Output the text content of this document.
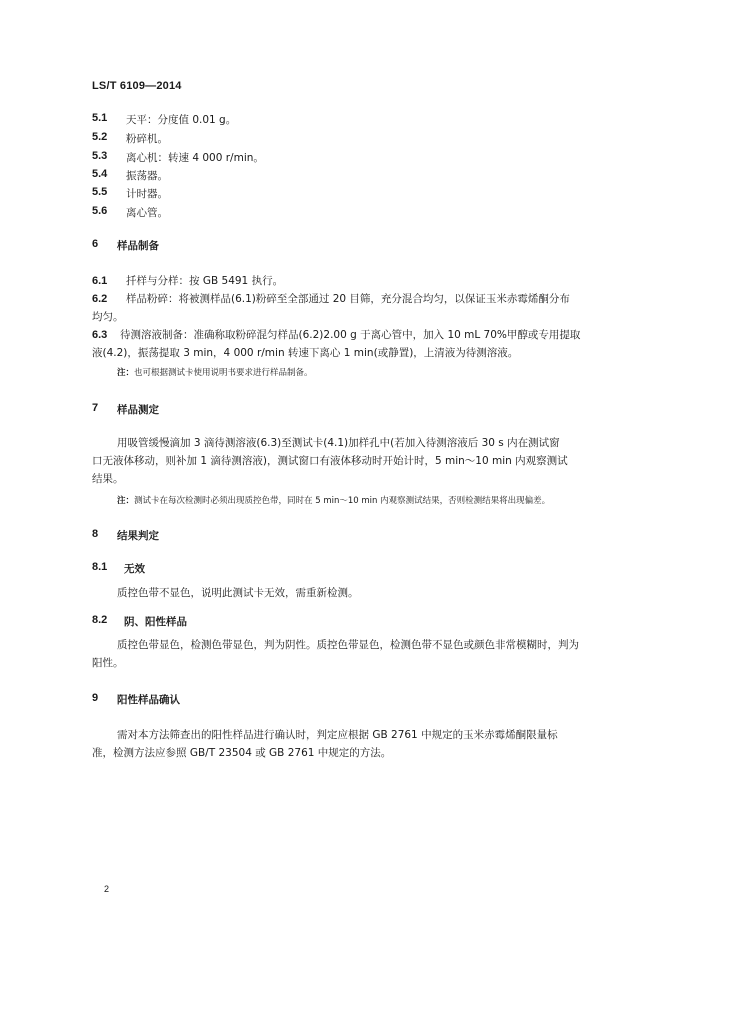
LS/T 6109—2014
5.1 天平：分度值 0.01 g。
5.2 粉碎机。
5.3 离心机：转速 4 000 r/min。
5.4 振荡器。
5.5 计时器。
5.6 离心管。
6 样品制备
6.1 扦样与分样：按 GB 5491 执行。
6.2 样品粉碎：将被测样品(6.1)粉碎至全部通过 20 目筛，充分混合均匀，以保证玉米赤霉烯酮分布
均匀。
6.3 待测溶液制备：准确称取粉碎混匀样品(6.2)2.00 g 于离心管中，加入 10 mL 70%甲醇或专用提取
液(4.2)，振荡提取 3 min，4 000 r/min 转速下离心 1 min(或静置)，上清液为待测溶液。
注：也可根据测试卡使用说明书要求进行样品制备。
7 样品测定
用吸管缓慢滴加 3 滴待测溶液(6.3)至测试卡(4.1)加样孔中(若加入待测溶液后 30 s 内在测试窗
口无液体移动，则补加 1 滴待测溶液)，测试窗口有液体移动时开始计时，5 min～10 min 内观察测试
结果。
注：测试卡在每次检测时必须出现质控色带，同时在 5 min～10 min 内观察测试结果，否则检测结果将出现偏差。
8 结果判定
8.1 无效
质控色带不显色，说明此测试卡无效，需重新检测。
8.2 阴、阳性样品
质控色带显色，检测色带显色，判为阴性。质控色带显色，检测色带不显色或颜色非常模糊时，判为
阳性。
9 阳性样品确认
需对本方法筛查出的阳性样品进行确认时，判定应根据 GB 2761 中规定的玉米赤霉烯酮限量标
准，检测方法应参照 GB/T 23504 或 GB 2761 中规定的方法。
2
